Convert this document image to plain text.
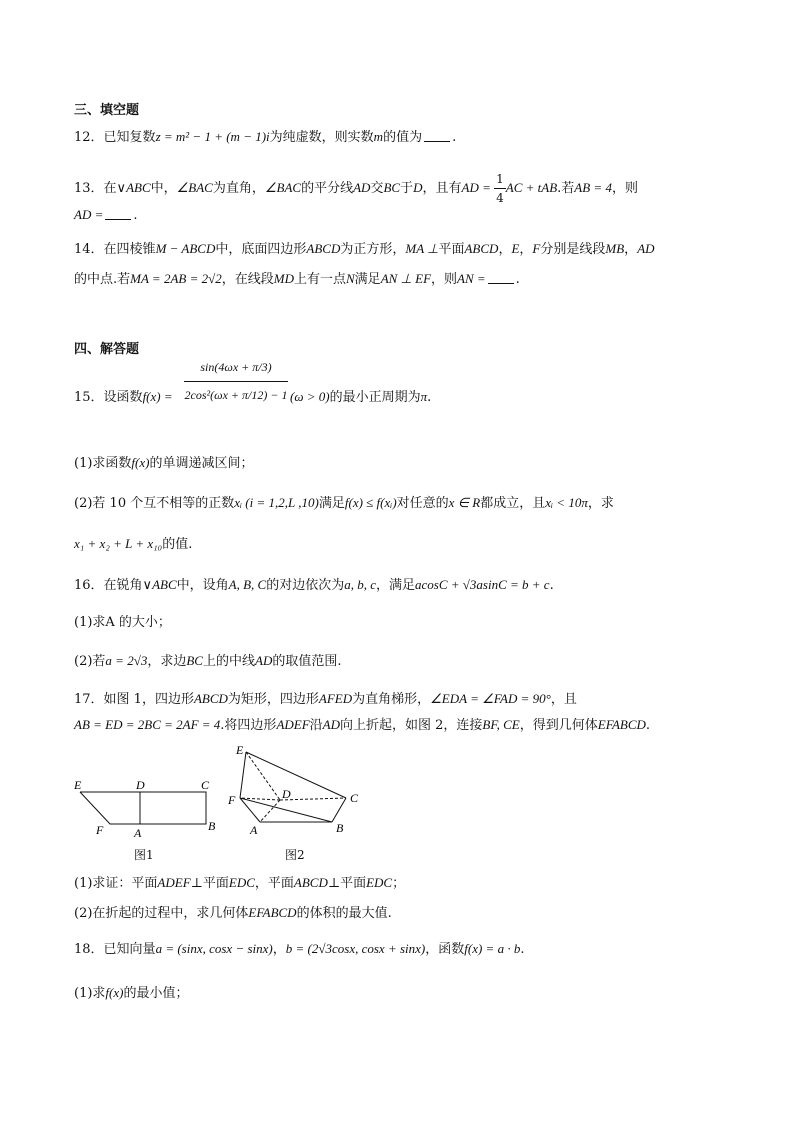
三、填空题
12．已知复数z = m² − 1 + (m − 1)i为纯虚数，则实数m的值为 .
13．在∨ABC中，∠BAC为直角，∠BAC的平分线AD交BC于D，且有AD = $\frac{1}{4}$ AC + tAB.若AB = 4，则
AD = .
14．在四棱锥M − ABCD中，底面四边形ABCD为正方形，MA ⊥平面ABCD，E，F分别是线段MB，AD
的中点.若MA = 2AB = 2√2，在线段MD上有一点N满足AN ⊥ EF，则AN = .
四、解答题
15．设函数$f(x) = \frac{\sin(4\omega x + \pi/3)}{\text{2cos²(ωx + π/12) − 1}} (\omega > 0)$的最小正周期为π.
(1)求函数f(x)的单调递减区间；
(2)若 10 个互不相等的正数xᵢ (i = 1,2,L ,10)满足f(x) ≤ f(xᵢ)对任意的x ∈ R都成立，且xᵢ < 10π，求
x₁ + x₂ + L + x₁₀的值.
16．在锐角∨ABC中，设角A, B, C的对边依次为a, b, c，满足acosC + √3asinC = b + c.
(1)求A 的大小；
(2)若a = 2√3，求边BC上的中线AD的取值范围.
17．如图 1，四边形ABCD为矩形，四边形AFED为直角梯形，∠EDA = ∠FAD = 90°，且
AB = ED = 2BC = 2AF = 4.将四边形ADEF沿AD向上折起，如图 2，连接BF, CE，得到几何体EFABCD.
E	D	C
F	A	B
E
D	C
F
A	B
图1	图2
(1)求证：平面ADEF⊥平面EDC，平面ABCD⊥平面EDC；
(2)在折起的过程中，求几何体EFABCD的体积的最大值.
18．已知向量a = (sinx, cosx − sinx)，b = (2√3cosx, cosx + sinx)，函数f(x) = a · b.
(1)求f(x)的最小值；
